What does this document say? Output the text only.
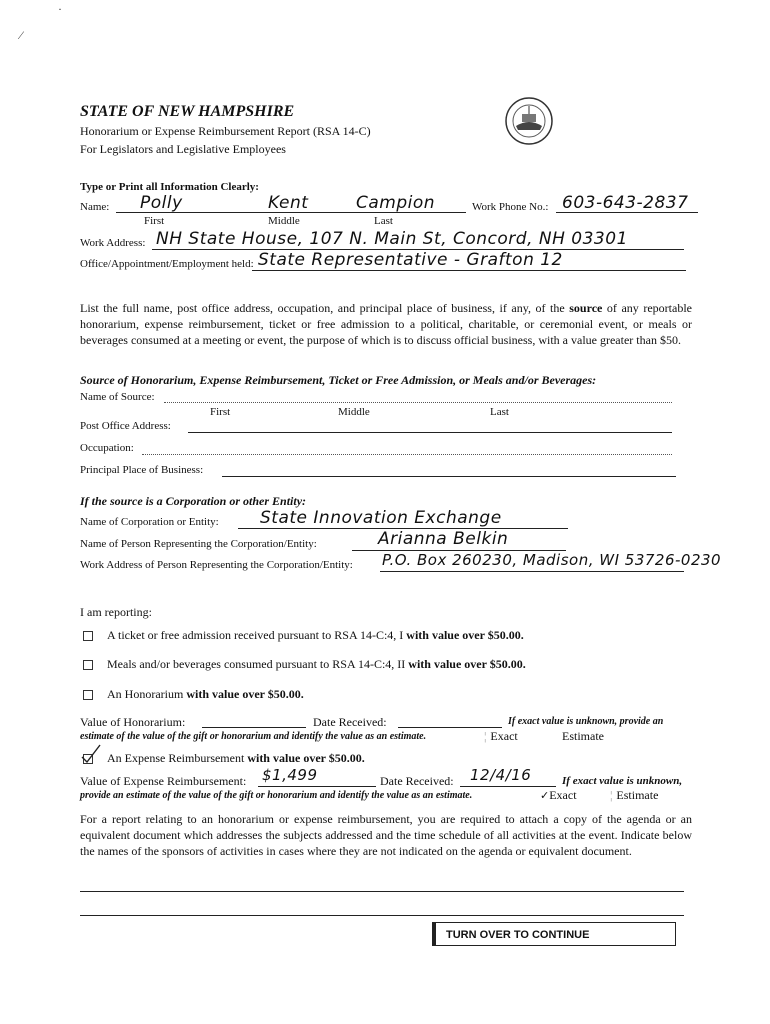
·
⁄
STATE OF NEW HAMPSHIRE
Honorarium or Expense Reimbursement Report (RSA 14-C)
For Legislators and Legislative Employees
Type or Print all Information Clearly:
Name: Polly	Kent	Campion	Work Phone No.: 603-643-2837
First	Middle	Last
Work Address: NH State House, 107 N. Main St, Concord, NH 03301
Office/Appointment/Employment held: State Representative - Grafton 12
List the full name, post office address, occupation, and principal place of business, if any, of the source of any reportable honorarium, expense reimbursement, ticket or free admission to a political, charitable, or ceremonial event, or meals or beverages consumed at a meeting or event, the purpose of which is to discuss official business, with a value greater than $50.
Source of Honorarium, Expense Reimbursement, Ticket or Free Admission, or Meals and/or Beverages:
Name of Source:
First	Middle	Last
Post Office Address:
Occupation:
Principal Place of Business:
If the source is a Corporation or other Entity:
Name of Corporation or Entity: State Innovation Exchange
Name of Person Representing the Corporation/Entity:	Arianna Belkin
Work Address of Person Representing the Corporation/Entity: P.O. Box 260230, Madison, WI 53726-0230
I am reporting:
A ticket or free admission received pursuant to RSA 14-C:4, I with value over $50.00.
Meals and/or beverages consumed pursuant to RSA 14-C:4, II with value over $50.00.
An Honorarium with value over $50.00.
Value of Honorarium:	Date Received:	If exact value is unknown, provide an
estimate of the value of the gift or honorarium and identify the value as an estimate.	¦ Exact	Estimate
An Expense Reimbursement with value over $50.00.
Value of Expense Reimbursement: $1,499	Date Received: 12/4/16	If exact value is unknown,
provide an estimate of the value of the gift or honorarium and identify the value as an estimate.	✓Exact	¦ Estimate
For a report relating to an honorarium or expense reimbursement, you are required to attach a copy of the agenda or an equivalent document which addresses the subjects addressed and the time schedule of all activities at the event. Indicate below the names of the sponsors of activities in cases where they are not indicated on the agenda or equivalent document.
TURN OVER TO CONTINUE
